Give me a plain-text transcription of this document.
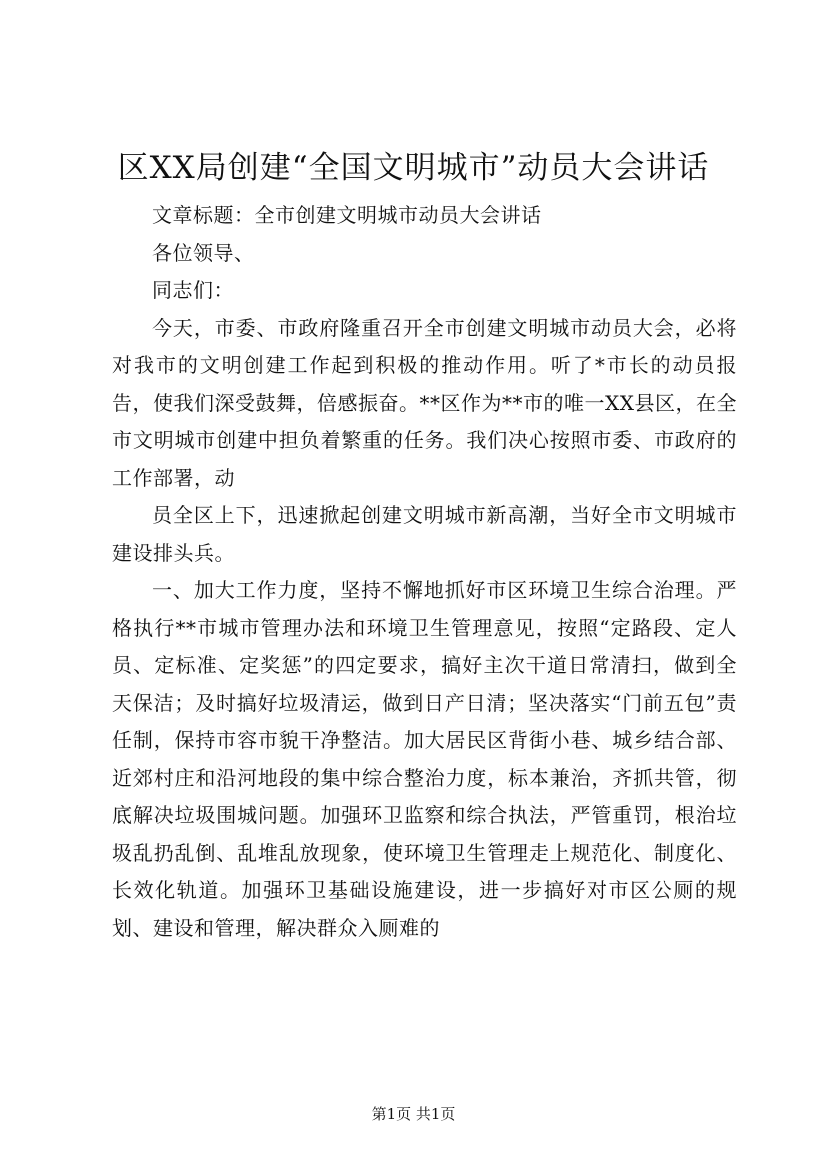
区XX局创建“全国文明城市”动员大会讲话

文章标题：全市创建文明城市动员大会讲话

各位领导、

同志们：

今天，市委、市政府隆重召开全市创建文明城市动员大会，必将对我市的文明创建工作起到积极的推动作用。听了*市长的动员报告，使我们深受鼓舞，倍感振奋。**区作为**市的唯一XX县区，在全市文明城市创建中担负着繁重的任务。我们决心按照市委、市政府的工作部署，动

员全区上下，迅速掀起创建文明城市新高潮，当好全市文明城市建设排头兵。

一、加大工作力度，坚持不懈地抓好市区环境卫生综合治理。严格执行**市城市管理办法和环境卫生管理意见，按照“定路段、定人员、定标准、定奖惩”的四定要求，搞好主次干道日常清扫，做到全天保洁；及时搞好垃圾清运，做到日产日清；坚决落实“门前五包”责任制，保持市容市貌干净整洁。加大居民区背街小巷、城乡结合部、近郊村庄和沿河地段的集中综合整治力度，标本兼治，齐抓共管，彻底解决垃圾围城问题。加强环卫监察和综合执法，严管重罚，根治垃圾乱扔乱倒、乱堆乱放现象，使环境卫生管理走上规范化、制度化、长效化轨道。加强环卫基础设施建设，进一步搞好对市区公厕的规划、建设和管理，解决群众入厕难的

第1页 共1页
